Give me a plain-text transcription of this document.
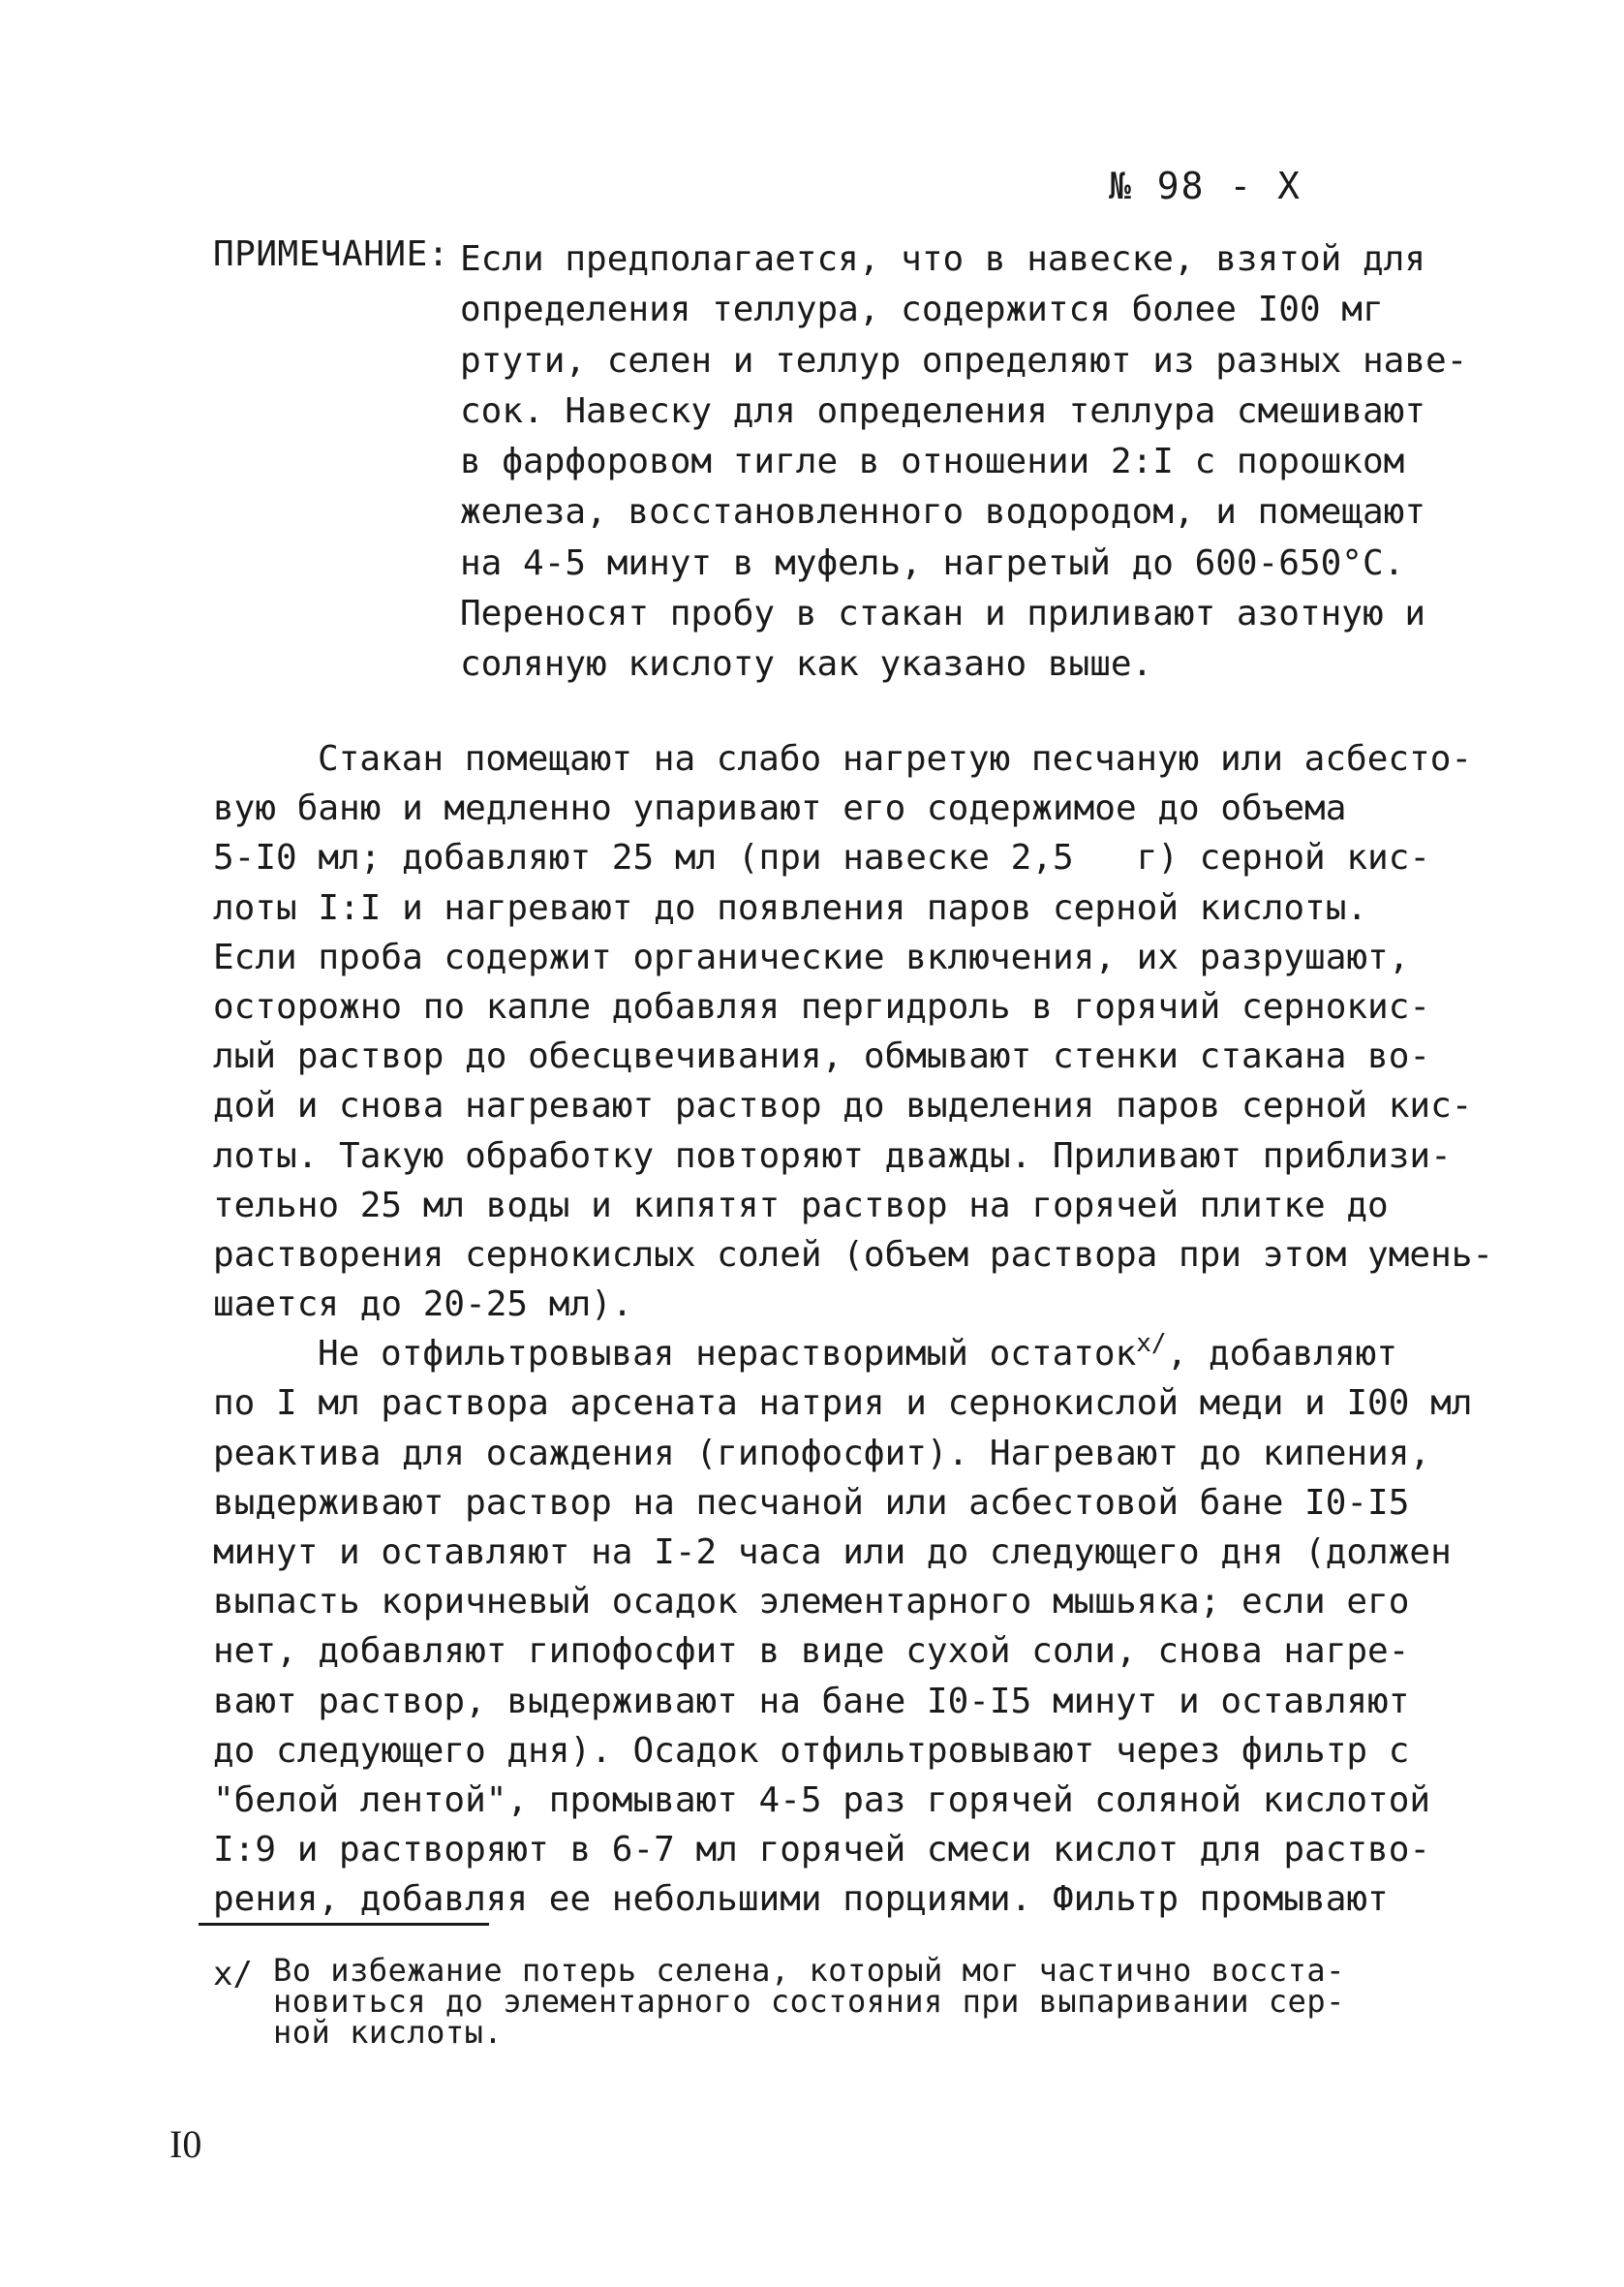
№ 98 - Х
ПРИМЕЧАНИЕ: Если предполагается, что в навеске, взятой для
определения теллура, содержится более I00 мг
ртути, селен и теллур определяют из разных наве-
сок. Навеску для определения теллура смешивают
в фарфоровом тигле в отношении 2:I с порошком
железа, восстановленного водородом, и помещают
на 4-5 минут в муфель, нагретый до 600-650°С.
Переносят пробу в стакан и приливают азотную и
соляную кислоту как указано выше.
Стакан помещают на слабо нагретую песчаную или асбесто-
вую баню и медленно упаривают его содержимое до объема
5-I0 мл; добавляют 25 мл (при навеске 2,5   г) серной кис-
лоты I:I и нагревают до появления паров серной кислоты.
Если проба содержит органические включения, их разрушают,
осторожно по капле добавляя пергидроль в горячий сернокис-
лый раствор до обесцвечивания, обмывают стенки стакана во-
дой и снова нагревают раствор до выделения паров серной кис-
лоты. Такую обработку повторяют дважды. Приливают приблизи-
тельно 25 мл воды и кипятят раствор на горячей плитке до
растворения сернокислых солей (объем раствора при этом умень-
шается до 20-25 мл).
Не отфильтровывая нерастворимый остаток$^{х/}$, добавляют
по I мл раствора арсената натрия и сернокислой меди и I00 мл
реактива для осаждения (гипофосфит). Нагревают до кипения,
выдерживают раствор на песчаной или асбестовой бане I0-I5
минут и оставляют на I-2 часа или до следующего дня (должен
выпасть коричневый осадок элементарного мышьяка; если его
нет, добавляют гипофосфит в виде сухой соли, снова нагре-
вают раствор, выдерживают на бане I0-I5 минут и оставляют
до следующего дня). Осадок отфильтровывают через фильтр с
"белой лентой", промывают 4-5 раз горячей соляной кислотой
I:9 и растворяют в 6-7 мл горячей смеси кислот для раство-
рения, добавляя ее небольшими порциями. Фильтр промывают
х/ Во избежание потерь селена, который мог частично восста-
новиться до элементарного состояния при выпаривании сер-
ной кислоты.
I0
